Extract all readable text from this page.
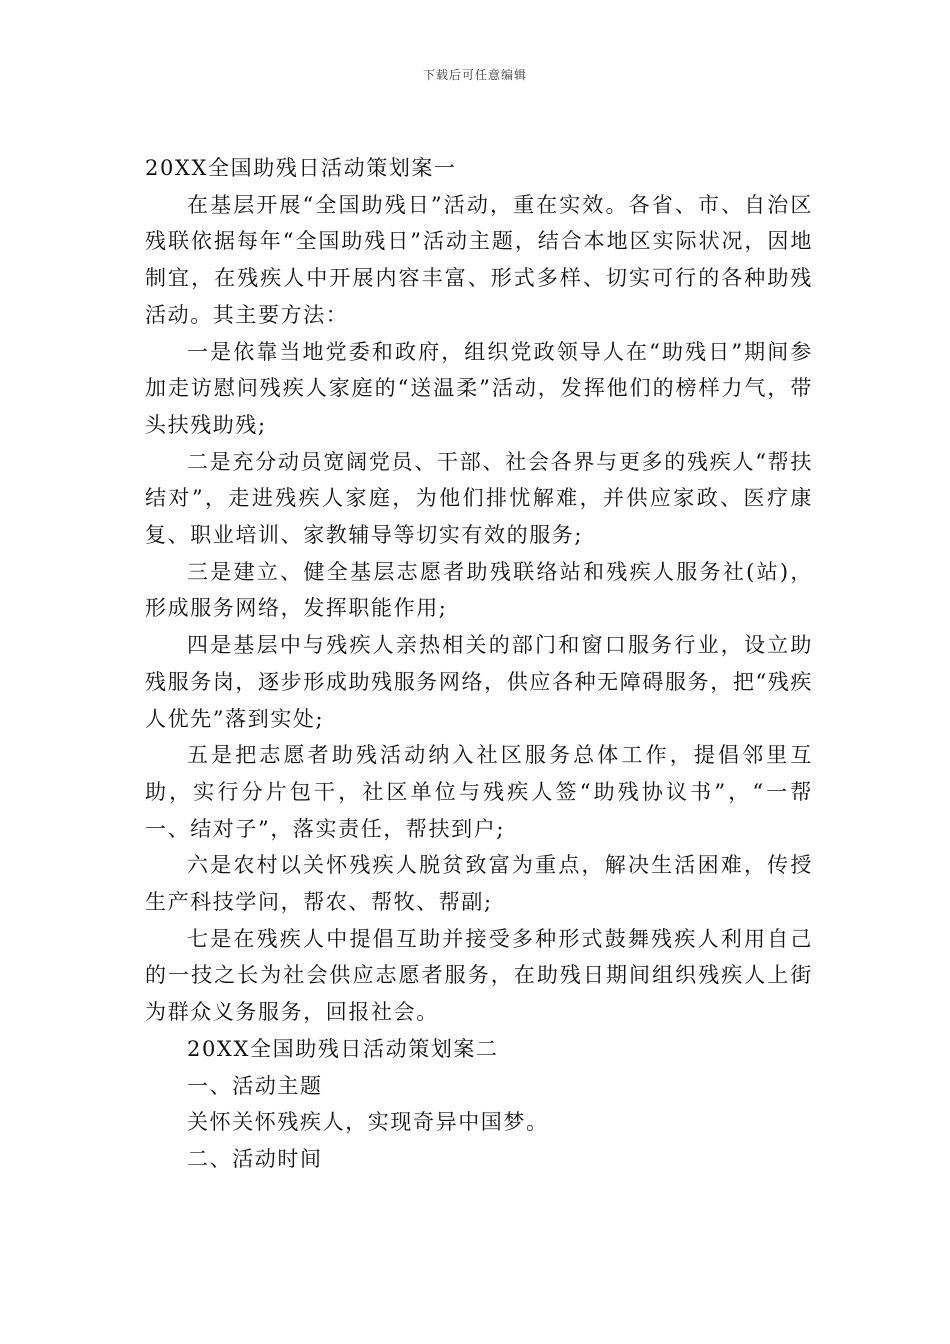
下载后可任意编辑

20XX全国助残日活动策划案一

在基层开展“全国助残日”活动，重在实效。各省、市、自治区残联依据每年“全国助残日”活动主题，结合本地区实际状况，因地制宜，在残疾人中开展内容丰富、形式多样、切实可行的各种助残活动。其主要方法：

一是依靠当地党委和政府，组织党政领导人在“助残日”期间参加走访慰问残疾人家庭的“送温柔”活动，发挥他们的榜样力气，带头扶残助残;

二是充分动员宽阔党员、干部、社会各界与更多的残疾人“帮扶结对”，走进残疾人家庭，为他们排忧解难，并供应家政、医疗康复、职业培训、家教辅导等切实有效的服务;

三是建立、健全基层志愿者助残联络站和残疾人服务社(站)，形成服务网络，发挥职能作用;

四是基层中与残疾人亲热相关的部门和窗口服务行业，设立助残服务岗，逐步形成助残服务网络，供应各种无障碍服务，把“残疾人优先”落到实处;

五是把志愿者助残活动纳入社区服务总体工作，提倡邻里互助，实行分片包干，社区单位与残疾人签“助残协议书”，“一帮一、结对子”，落实责任，帮扶到户;

六是农村以关怀残疾人脱贫致富为重点，解决生活困难，传授生产科技学问，帮农、帮牧、帮副;

七是在残疾人中提倡互助并接受多种形式鼓舞残疾人利用自己的一技之长为社会供应志愿者服务，在助残日期间组织残疾人上街为群众义务服务，回报社会。

20XX全国助残日活动策划案二

一、活动主题

关怀关怀残疾人，实现奇异中国梦。

二、活动时间
